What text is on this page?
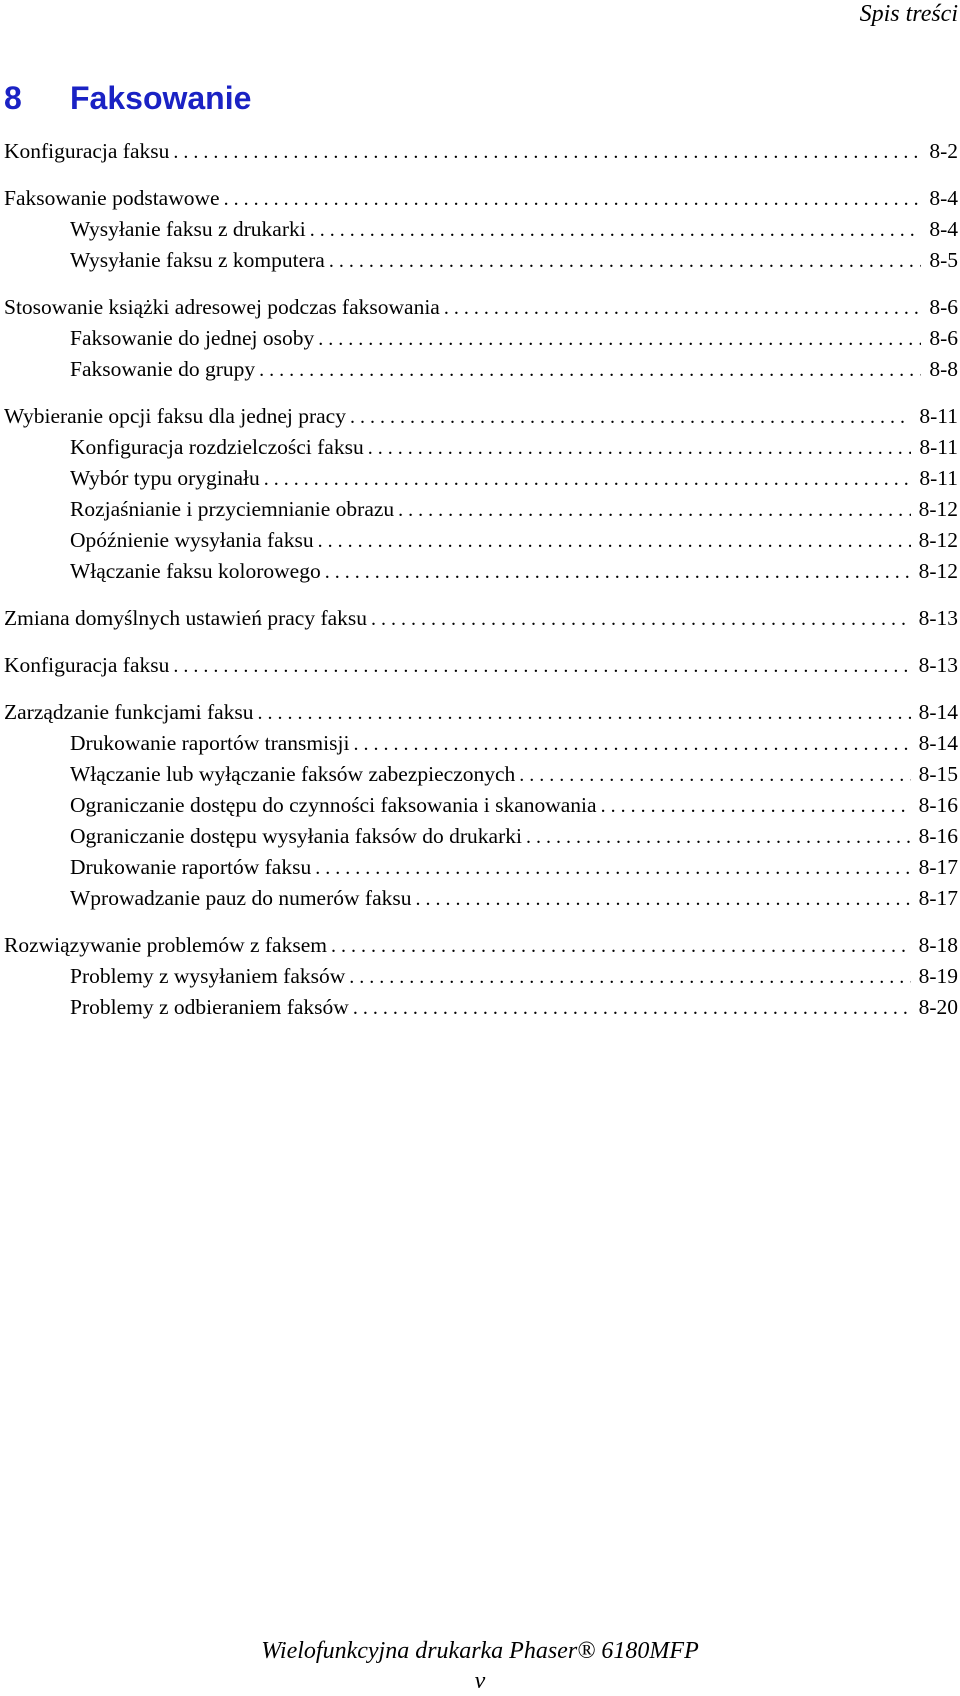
Spis treści
8 Faksowanie
Konfiguracja faksu . . .	8-2
Faksowanie podstawowe . . .	8-4
Wysyłanie faksu z drukarki . . .	8-4
Wysyłanie faksu z komputera . . .	8-5
Stosowanie książki adresowej podczas faksowania . . .	8-6
Faksowanie do jednej osoby . . .	8-6
Faksowanie do grupy . . .	8-8
Wybieranie opcji faksu dla jednej pracy . . .	8-11
Konfiguracja rozdzielczości faksu . . .	8-11
Wybór typu oryginału . . .	8-11
Rozjaśnianie i przyciemnianie obrazu . . .	8-12
Opóźnienie wysyłania faksu . . .	8-12
Włączanie faksu kolorowego . . .	8-12
Zmiana domyślnych ustawień pracy faksu . . .	8-13
Konfiguracja faksu . . .	8-13
Zarządzanie funkcjami faksu . . .	8-14
Drukowanie raportów transmisji . . .	8-14
Włączanie lub wyłączanie faksów zabezpieczonych . . .	8-15
Ograniczanie dostępu do czynności faksowania i skanowania . . .	8-16
Ograniczanie dostępu wysyłania faksów do drukarki . . .	8-16
Drukowanie raportów faksu . . .	8-17
Wprowadzanie pauz do numerów faksu . . .	8-17
Rozwiązywanie problemów z faksem . . .	8-18
Problemy z wysyłaniem faksów . . .	8-19
Problemy z odbieraniem faksów . . .	8-20
Wielofunkcyjna drukarka Phaser® 6180MFP
v
